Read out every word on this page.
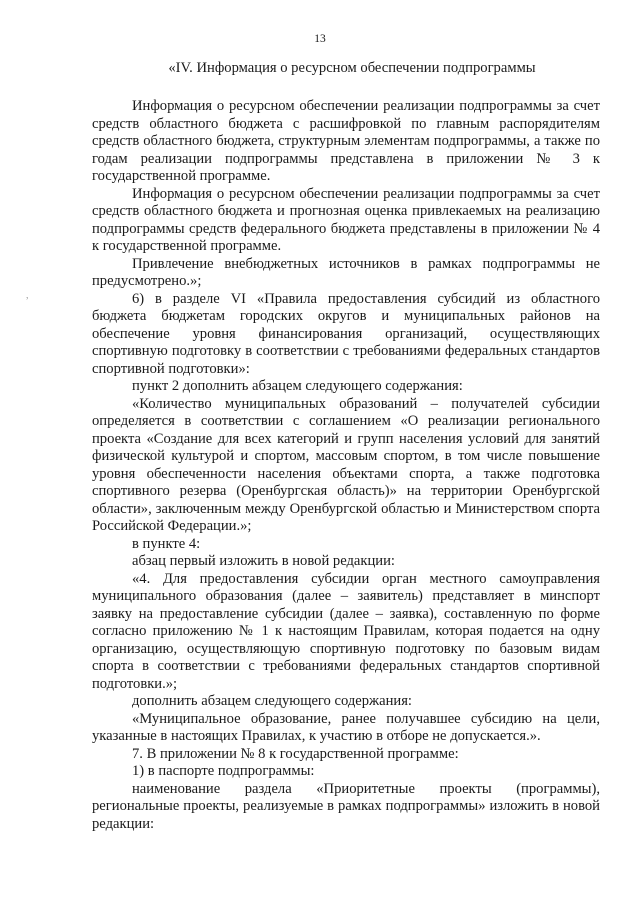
13
«IV. Информация о ресурсном обеспечении подпрограммы
,

Информация о ресурсном обеспечении реализации подпрограммы за счет средств областного бюджета с расшифровкой по главным распорядителям средств областного бюджета, структурным элементам подпрограммы, а также по годам реализации подпрограммы представлена в приложении № 3 к государственной программе.

Информация о ресурсном обеспечении реализации подпрограммы за счет средств областного бюджета и прогнозная оценка привлекаемых на реализацию подпрограммы средств федерального бюджета представлены в приложении № 4 к государственной программе.

Привлечение внебюджетных источников в рамках подпрограммы не предусмотрено.»;

6) в разделе VI «Правила предоставления субсидий из областного бюджета бюджетам городских округов и муниципальных районов на обеспечение уровня финансирования организаций, осуществляющих спортивную подготовку в соответствии с требованиями федеральных стандартов спортивной подготовки»:

пункт 2 дополнить абзацем следующего содержания:

«Количество муниципальных образований – получателей субсидии определяется в соответствии с соглашением «О реализации регионального проекта «Создание для всех категорий и групп населения условий для занятий физической культурой и спортом, массовым спортом, в том числе повышение уровня обеспеченности населения объектами спорта, а также подготовка спортивного резерва (Оренбургская область)» на территории Оренбургской области», заключенным между Оренбургской областью и Министерством спорта Российской Федерации.»;

в пункте 4:

абзац первый изложить в новой редакции:

«4. Для предоставления субсидии орган местного самоуправления муниципального образования (далее – заявитель) представляет в минспорт заявку на предоставление субсидии (далее – заявка), составленную по форме согласно приложению № 1 к настоящим Правилам, которая подается на одну организацию, осуществляющую спортивную подготовку по базовым видам спорта в соответствии с требованиями федеральных стандартов спортивной подготовки.»;

дополнить абзацем следующего содержания:

«Муниципальное образование, ранее получавшее субсидию на цели, указанные в настоящих Правилах, к участию в отборе не допускается.».

7. В приложении № 8 к государственной программе:

1) в паспорте подпрограммы:

наименование раздела «Приоритетные проекты (программы), региональные проекты, реализуемые в рамках подпрограммы» изложить в новой редакции:
